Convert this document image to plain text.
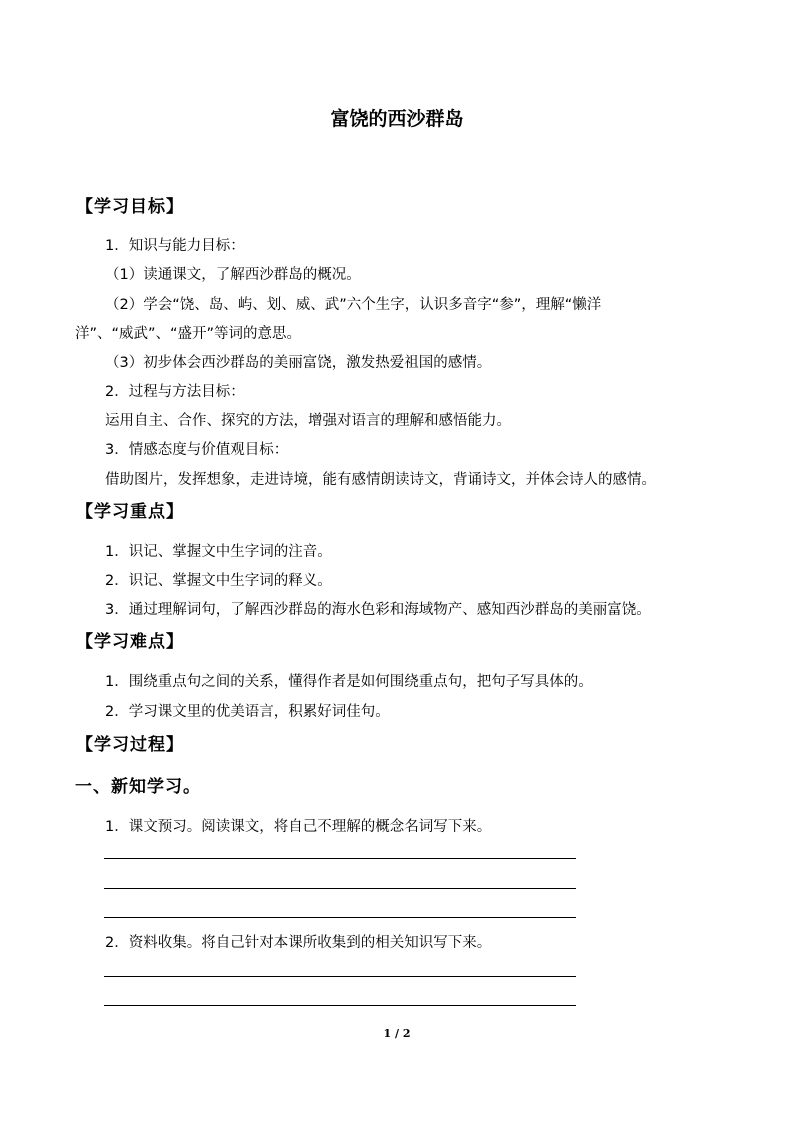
富饶的西沙群岛
【学习目标】
1．知识与能力目标：
（1）读通课文，了解西沙群岛的概况。
（2）学会“饶、岛、屿、划、威、武”六个生字，认识多音字“参”，理解“懒洋
洋”、“威武”、“盛开”等词的意思。
（3）初步体会西沙群岛的美丽富饶，激发热爱祖国的感情。
2．过程与方法目标：
运用自主、合作、探究的方法，增强对语言的理解和感悟能力。
3．情感态度与价值观目标：
借助图片，发挥想象，走进诗境，能有感情朗读诗文，背诵诗文，并体会诗人的感情。
【学习重点】
1．识记、掌握文中生字词的注音。
2．识记、掌握文中生字词的释义。
3．通过理解词句，了解西沙群岛的海水色彩和海域物产、感知西沙群岛的美丽富饶。
【学习难点】
1．围绕重点句之间的关系，懂得作者是如何围绕重点句，把句子写具体的。
2．学习课文里的优美语言，积累好词佳句。
【学习过程】
一、新知学习。
1．课文预习。阅读课文，将自己不理解的概念名词写下来。
2．资料收集。将自己针对本课所收集到的相关知识写下来。
1 / 2
